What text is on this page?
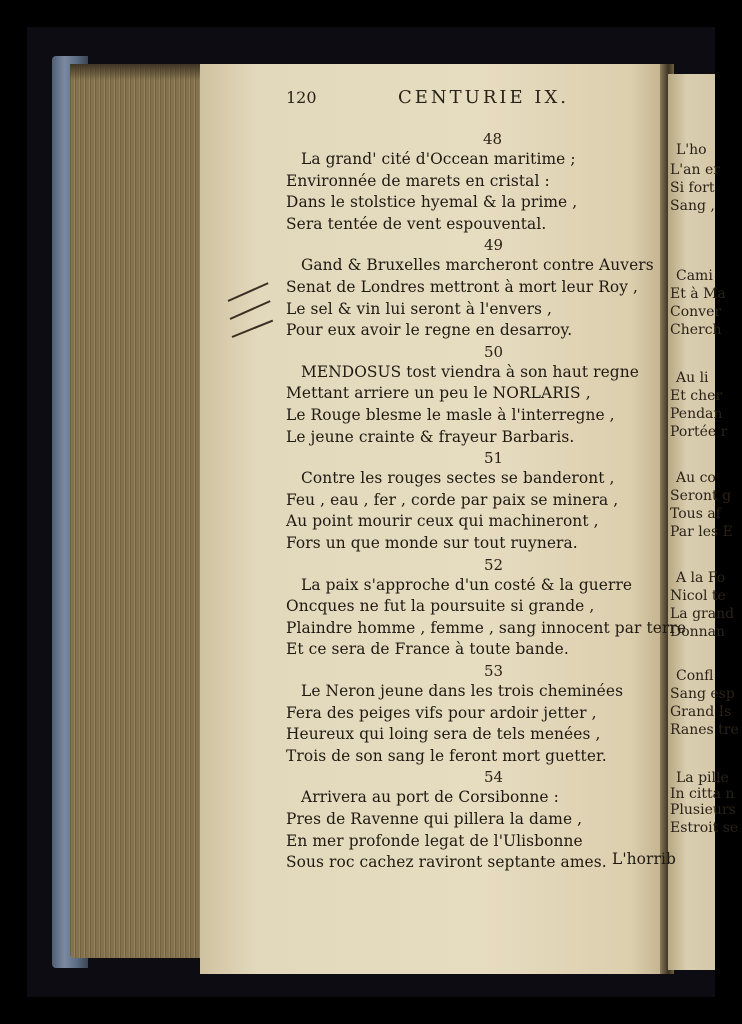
L'ho
L'an er
Si fort
Sang ,
Cami
Et à Ma
Conver
Cherch
Au li
Et cher
Pendan
Portée r
Au co
Seront g
Tous af
Par les E
A la Fo
Nicol te
La grand
Donnan
Confl
Sang esp
Grand Is
Ranes tre
La pille
In citta n
Plusieurs
Estroit se
120	CENTURIE IX.
48
La grand' cité d'Occean maritime ;
Environnée de marets en cristal :
Dans le stolstice hyemal & la prime ,
Sera tentée de vent espouvental.
49
Gand & Bruxelles marcheront contre Auvers
Senat de Londres mettront à mort leur Roy ,
Le sel & vin lui seront à l'envers ,
Pour eux avoir le regne en desarroy.
50
MENDOSUS tost viendra à son haut regne
Mettant arriere un peu le NORLARIS ,
Le Rouge blesme le masle à l'interregne ,
Le jeune crainte & frayeur Barbaris.
51
Contre les rouges sectes se banderont ,
Feu , eau , fer , corde par paix se minera ,
Au point mourir ceux qui machineront ,
Fors un que monde sur tout ruynera.
52
La paix s'approche d'un costé & la guerre
Oncques ne fut la poursuite si grande ,
Plaindre homme , femme , sang innocent par terre
Et ce sera de France à toute bande.
53
Le Neron jeune dans les trois cheminées
Fera des peiges vifs pour ardoir jetter ,
Heureux qui loing sera de tels menées ,
Trois de son sang le feront mort guetter.
54
Arrivera au port de Corsibonne :
Pres de Ravenne qui pillera la dame ,
En mer profonde legat de l'Ulisbonne
Sous roc cachez raviront septante ames. L'horrib
